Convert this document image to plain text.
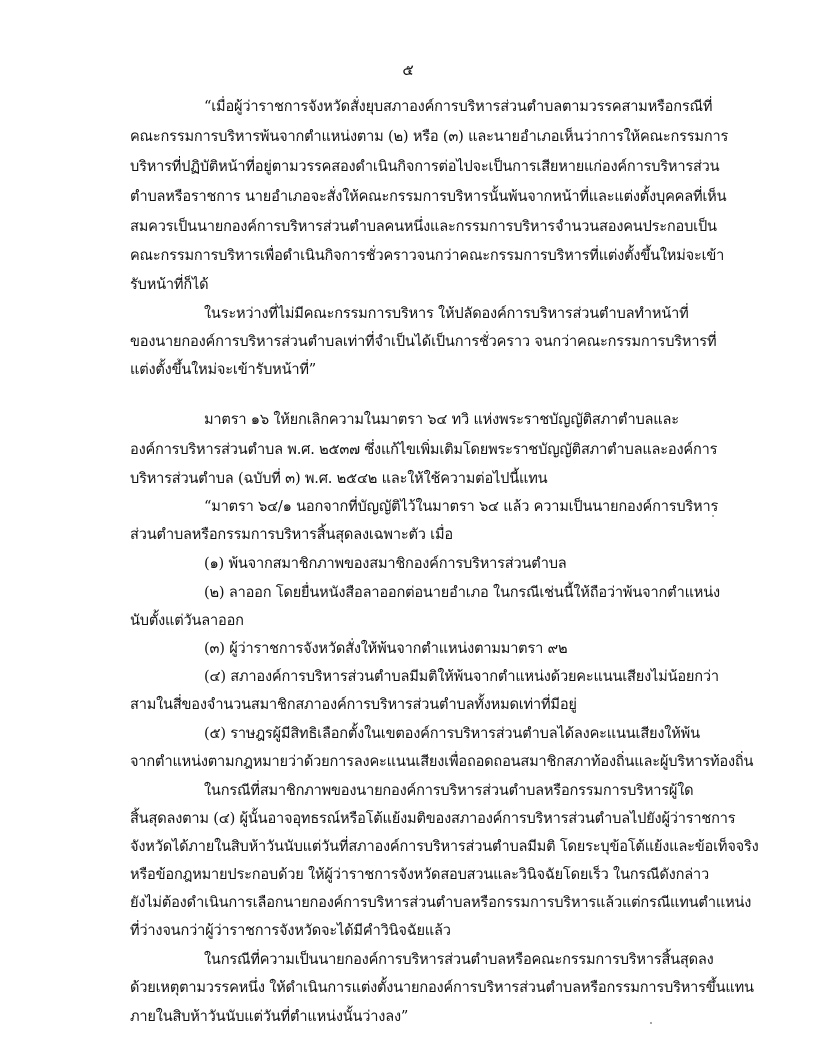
๕
“เมื่อผู้ว่าราชการจังหวัดสั่งยุบสภาองค์การบริหารส่วนตำบลตามวรรคสามหรือกรณีที่
คณะกรรมการบริหารพ้นจากตำแหน่งตาม (๒) หรือ (๓) และนายอำเภอเห็นว่าการให้คณะกรรมการ
บริหารที่ปฏิบัติหน้าที่อยู่ตามวรรคสองดำเนินกิจการต่อไปจะเป็นการเสียหายแก่องค์การบริหารส่วน
ตำบลหรือราชการ นายอำเภอจะสั่งให้คณะกรรมการบริหารนั้นพ้นจากหน้าที่และแต่งตั้งบุคคลที่เห็น
สมควรเป็นนายกองค์การบริหารส่วนตำบลคนหนึ่งและกรรมการบริหารจำนวนสองคนประกอบเป็น
คณะกรรมการบริหารเพื่อดำเนินกิจการชั่วคราวจนกว่าคณะกรรมการบริหารที่แต่งตั้งขึ้นใหม่จะเข้า
รับหน้าที่ก็ได้
ในระหว่างที่ไม่มีคณะกรรมการบริหาร ให้ปลัดองค์การบริหารส่วนตำบลทำหน้าที่
ของนายกองค์การบริหารส่วนตำบลเท่าที่จำเป็นได้เป็นการชั่วคราว จนกว่าคณะกรรมการบริหารที่
แต่งตั้งขึ้นใหม่จะเข้ารับหน้าที่”
มาตรา ๑๖ ให้ยกเลิกความในมาตรา ๖๔ ทวิ แห่งพระราชบัญญัติสภาตำบลและ
องค์การบริหารส่วนตำบล พ.ศ. ๒๕๓๗ ซึ่งแก้ไขเพิ่มเติมโดยพระราชบัญญัติสภาตำบลและองค์การ
บริหารส่วนตำบล (ฉบับที่ ๓) พ.ศ. ๒๕๔๒ และให้ใช้ความต่อไปนี้แทน
“มาตรา ๖๔/๑ นอกจากที่บัญญัติไว้ในมาตรา ๖๔ แล้ว ความเป็นนายกองค์การบริหาร
ส่วนตำบลหรือกรรมการบริหารสิ้นสุดลงเฉพาะตัว เมื่อ
(๑) พ้นจากสมาชิกภาพของสมาชิกองค์การบริหารส่วนตำบล
(๒) ลาออก โดยยื่นหนังสือลาออกต่อนายอำเภอ ในกรณีเช่นนี้ให้ถือว่าพ้นจากตำแหน่ง
นับตั้งแต่วันลาออก
(๓) ผู้ว่าราชการจังหวัดสั่งให้พ้นจากตำแหน่งตามมาตรา ๙๒
(๔) สภาองค์การบริหารส่วนตำบลมีมติให้พ้นจากตำแหน่งด้วยคะแนนเสียงไม่น้อยกว่า
สามในสี่ของจำนวนสมาชิกสภาองค์การบริหารส่วนตำบลทั้งหมดเท่าที่มีอยู่
(๕) ราษฎรผู้มีสิทธิเลือกตั้งในเขตองค์การบริหารส่วนตำบลได้ลงคะแนนเสียงให้พ้น
จากตำแหน่งตามกฎหมายว่าด้วยการลงคะแนนเสียงเพื่อถอดถอนสมาชิกสภาท้องถิ่นและผู้บริหารท้องถิ่น
ในกรณีที่สมาชิกภาพของนายกองค์การบริหารส่วนตำบลหรือกรรมการบริหารผู้ใด
สิ้นสุดลงตาม (๔) ผู้นั้นอาจอุทธรณ์หรือโต้แย้งมติของสภาองค์การบริหารส่วนตำบลไปยังผู้ว่าราชการ
จังหวัดได้ภายในสิบห้าวันนับแต่วันที่สภาองค์การบริหารส่วนตำบลมีมติ โดยระบุข้อโต้แย้งและข้อเท็จจริง
หรือข้อกฎหมายประกอบด้วย ให้ผู้ว่าราชการจังหวัดสอบสวนและวินิจฉัยโดยเร็ว ในกรณีดังกล่าว
ยังไม่ต้องดำเนินการเลือกนายกองค์การบริหารส่วนตำบลหรือกรรมการบริหารแล้วแต่กรณีแทนตำแหน่ง
ที่ว่างจนกว่าผู้ว่าราชการจังหวัดจะได้มีคำวินิจฉัยแล้ว
ในกรณีที่ความเป็นนายกองค์การบริหารส่วนตำบลหรือคณะกรรมการบริหารสิ้นสุดลง
ด้วยเหตุตามวรรคหนึ่ง ให้ดำเนินการแต่งตั้งนายกองค์การบริหารส่วนตำบลหรือกรรมการบริหารขึ้นแทน
ภายในสิบห้าวันนับแต่วันที่ตำแหน่งนั้นว่างลง”
